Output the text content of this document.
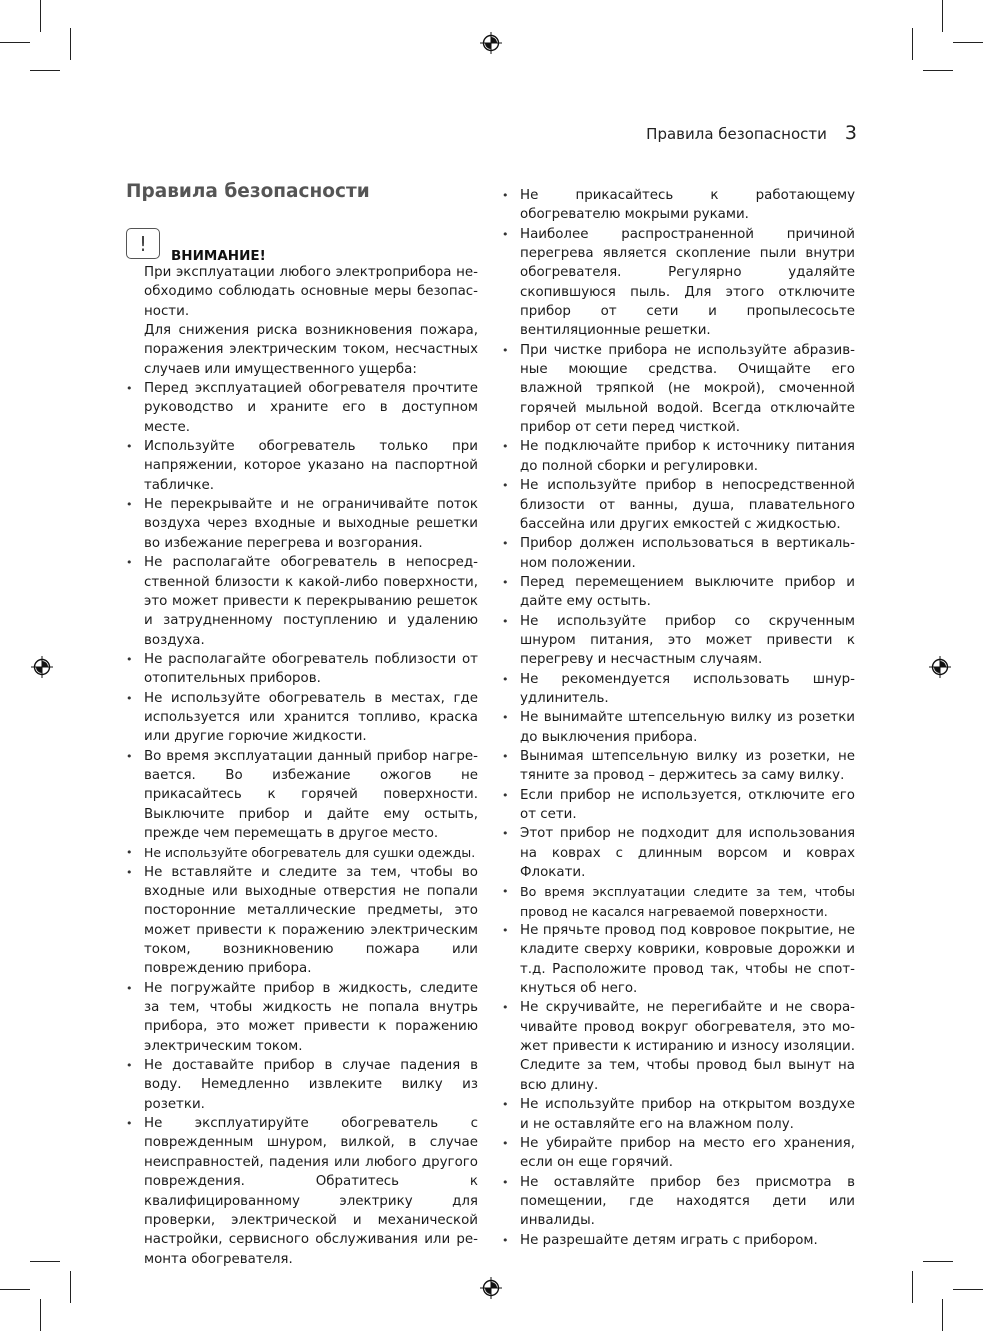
Правила безопасности 3
Правила безопасности
!
ВНИМАНИЕ!

При эксплуатации любого электроприбора необходимо соблюдать основные меры безопасности.

Для снижения риска возникновения пожара, поражения электрическим током, несчастных случаев или имущественного ущерба:

• Перед эксплуатацией обогревателя прочтите руководство и храните его в доступном месте.
• Используйте обогреватель только при напряжении, которое указано на паспортной табличке.
• Не перекрывайте и не ограничивайте поток воздуха через входные и выходные решетки во избежание перегрева и возгорания.
• Не располагайте обогреватель в непосредственной близости к какой-либо поверхности, это может привести к перекрыванию решеток и затрудненному поступлению и удалению воздуха.
• Не располагайте обогреватель поблизости от отопительных приборов.
• Не используйте обогреватель в местах, где используется или хранится топливо, краска или другие горючие жидкости.
• Во время эксплуатации данный прибор нагревается. Во избежание ожогов не прикасайтесь к горячей поверхности. Выключите прибор и дайте ему остыть, прежде чем перемещать в другое место.
• Не используйте обогреватель для сушки одежды.
• Не вставляйте и следите за тем, чтобы во входные или выходные отверстия не попали посторонние металлические предметы, это может привести к поражению электрическим током, возникновению пожара или повреждению прибора.
• Не погружайте прибор в жидкость, следите за тем, чтобы жидкость не попала внутрь прибора, это может привести к поражению электрическим током.
• Не доставайте прибор в случае падения в воду. Немедленно извлеките вилку из розетки.
• Не эксплуатируйте обогреватель с поврежденным шнуром, вилкой, в случае неисправностей, падения или любого другого повреждения. Обратитесь к квалифицированному электрику для проверки, электрической и механической настройки, сервисного обслуживания или ремонта обогревателя.
• Не прикасайтесь к работающему обогревателю мокрыми руками.
• Наиболее распространенной причиной перегрева является скопление пыли внутри обогревателя. Регулярно удаляйте скопившуюся пыль. Для этого отключите прибор от сети и пропылесосьте вентиляционные решетки.
• При чистке прибора не используйте абразивные моющие средства. Очищайте его влажной тряпкой (не мокрой), смоченной горячей мыльной водой. Всегда отключайте прибор от сети перед чисткой.
• Не подключайте прибор к источнику питания до полной сборки и регулировки.
• Не используйте прибор в непосредственной близости от ванны, душа, плавательного бассейна или других емкостей с жидкостью.
• Прибор должен использоваться в вертикальном положении.
• Перед перемещением выключите прибор и дайте ему остыть.
• Не используйте прибор со скрученным шнуром питания, это может привести к перегреву и несчастным случаям.
• Не рекомендуется использовать шнур-удлинитель.
• Не вынимайте штепсельную вилку из розетки до выключения прибора.
• Вынимая штепсельную вилку из розетки, не тяните за провод – держитесь за саму вилку.
• Если прибор не используется, отключите его от сети.
• Этот прибор не подходит для использования на коврах с длинным ворсом и коврах Флокати.
• Во время эксплуатации следите за тем, чтобы провод не касался нагреваемой поверхности.
• Не прячьте провод под ковровое покрытие, не кладите сверху коврики, ковровые дорожки и т.д. Расположите провод так, чтобы не споткнуться об него.
• Не скручивайте, не перегибайте и не сворачивайте провод вокруг обогревателя, это может привести к истиранию и износу изоляции. Следите за тем, чтобы провод был вынут на всю длину.
• Не используйте прибор на открытом воздухе и не оставляйте его на влажном полу.
• Не убирайте прибор на место его хранения, если он еще горячий.
• Не оставляйте прибор без присмотра в помещении, где находятся дети или инвалиды.
• Не разрешайте детям играть с прибором.
